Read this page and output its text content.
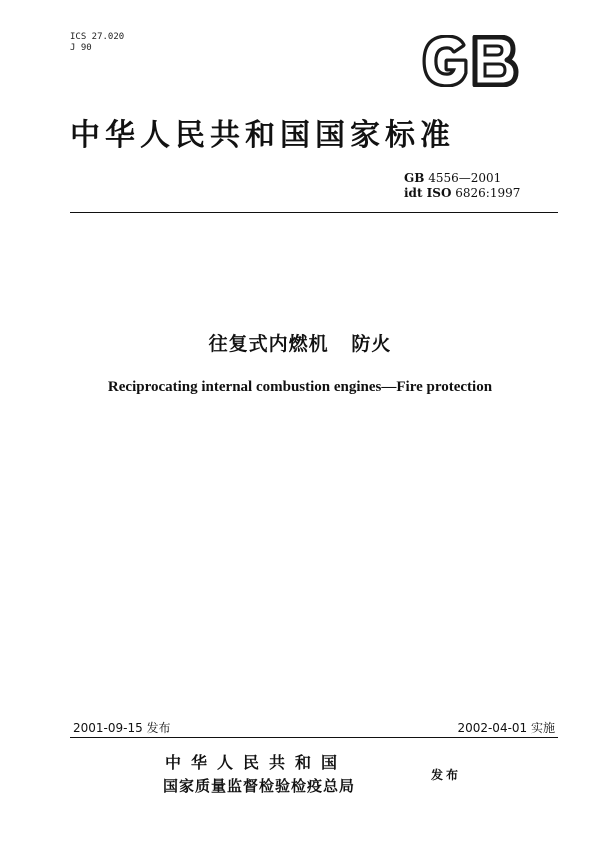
ICS 27.020
J 90
中华人民共和国国家标准
GB 4556—2001
idt ISO 6826:1997
往复式内燃机   防火
Reciprocating internal combustion engines—Fire protection
2001-09-15 发布	2002-04-01 实施
中华人民共和国
国家质量监督检验检疫总局
发布
